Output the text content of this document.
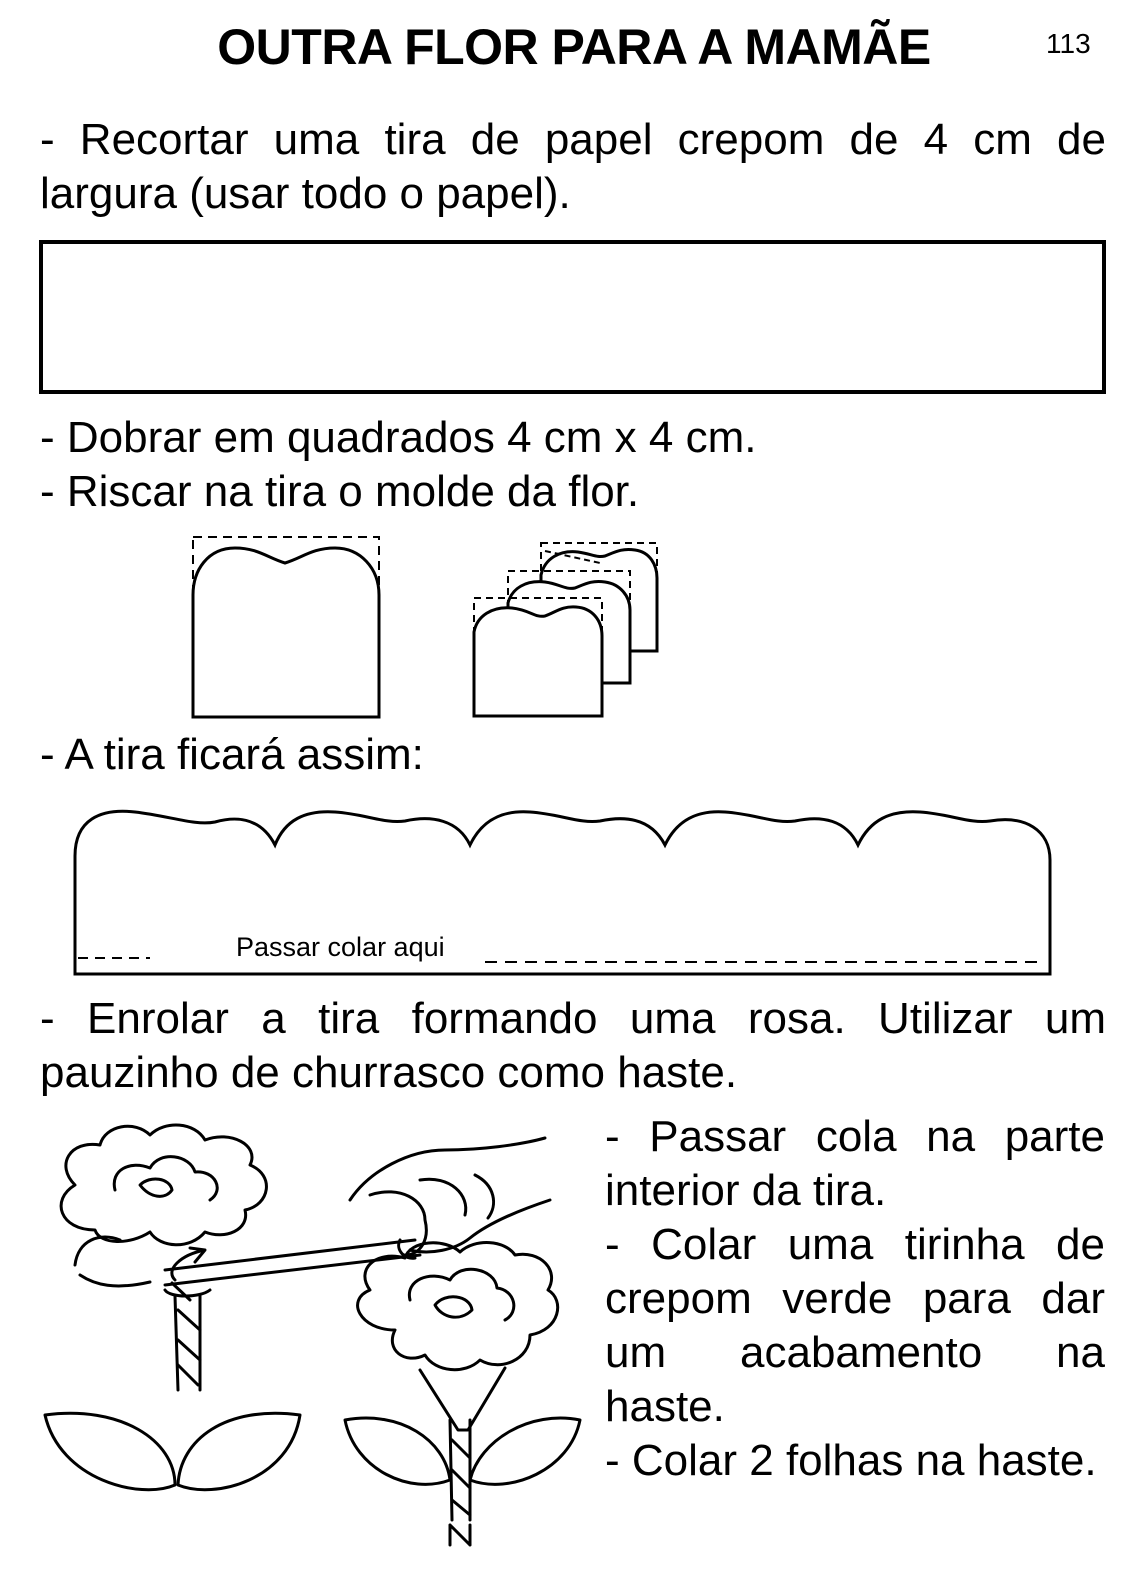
OUTRA FLOR PARA A MAMÃE	113
- Recortar uma tira de papel crepom de 4 cm de
largura (usar todo o papel).
- Dobrar em quadrados 4 cm x 4 cm.
- Riscar na tira o molde da flor.
- A tira ficará assim:
Passar colar aqui
- Enrolar a tira formando uma rosa. Utilizar um
pauzinho de churrasco como haste.
- Passar cola na parte
interior da tira.
- Colar uma tirinha de
crepom verde para dar
um acabamento na
haste.
- Colar 2 folhas na haste.
